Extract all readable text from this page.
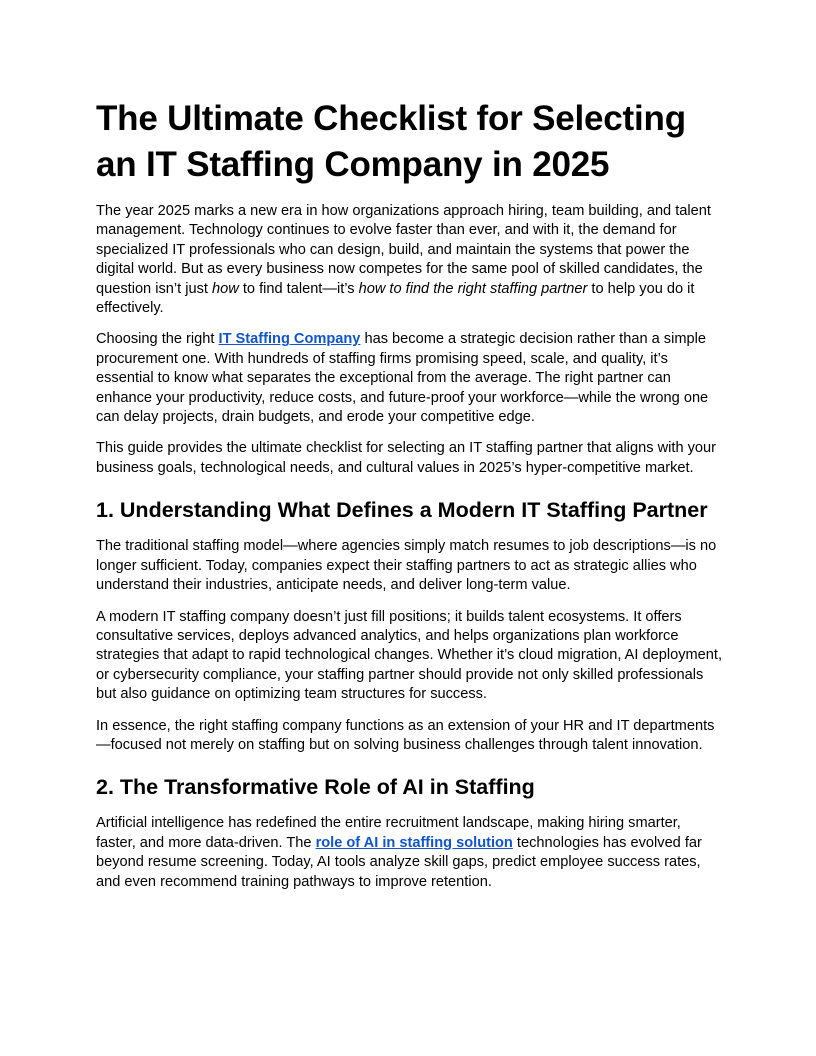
The Ultimate Checklist for Selecting an IT Staffing Company in 2025

The year 2025 marks a new era in how organizations approach hiring, team building, and talent management. Technology continues to evolve faster than ever, and with it, the demand for specialized IT professionals who can design, build, and maintain the systems that power the digital world. But as every business now competes for the same pool of skilled candidates, the question isn’t just how to find talent—it’s how to find the right staffing partner to help you do it effectively.

Choosing the right IT Staffing Company has become a strategic decision rather than a simple procurement one. With hundreds of staffing firms promising speed, scale, and quality, it’s essential to know what separates the exceptional from the average. The right partner can enhance your productivity, reduce costs, and future-proof your workforce—while the wrong one can delay projects, drain budgets, and erode your competitive edge.

This guide provides the ultimate checklist for selecting an IT staffing partner that aligns with your business goals, technological needs, and cultural values in 2025’s hyper-competitive market.

1. Understanding What Defines a Modern IT Staffing Partner

The traditional staffing model—where agencies simply match resumes to job descriptions—is no longer sufficient. Today, companies expect their staffing partners to act as strategic allies who understand their industries, anticipate needs, and deliver long-term value.

A modern IT staffing company doesn’t just fill positions; it builds talent ecosystems. It offers consultative services, deploys advanced analytics, and helps organizations plan workforce strategies that adapt to rapid technological changes. Whether it’s cloud migration, AI deployment, or cybersecurity compliance, your staffing partner should provide not only skilled professionals but also guidance on optimizing team structures for success.

In essence, the right staffing company functions as an extension of your HR and IT departments—focused not merely on staffing but on solving business challenges through talent innovation.

2. The Transformative Role of AI in Staffing

Artificial intelligence has redefined the entire recruitment landscape, making hiring smarter, faster, and more data-driven. The role of AI in staffing solution technologies has evolved far beyond resume screening. Today, AI tools analyze skill gaps, predict employee success rates, and even recommend training pathways to improve retention.
